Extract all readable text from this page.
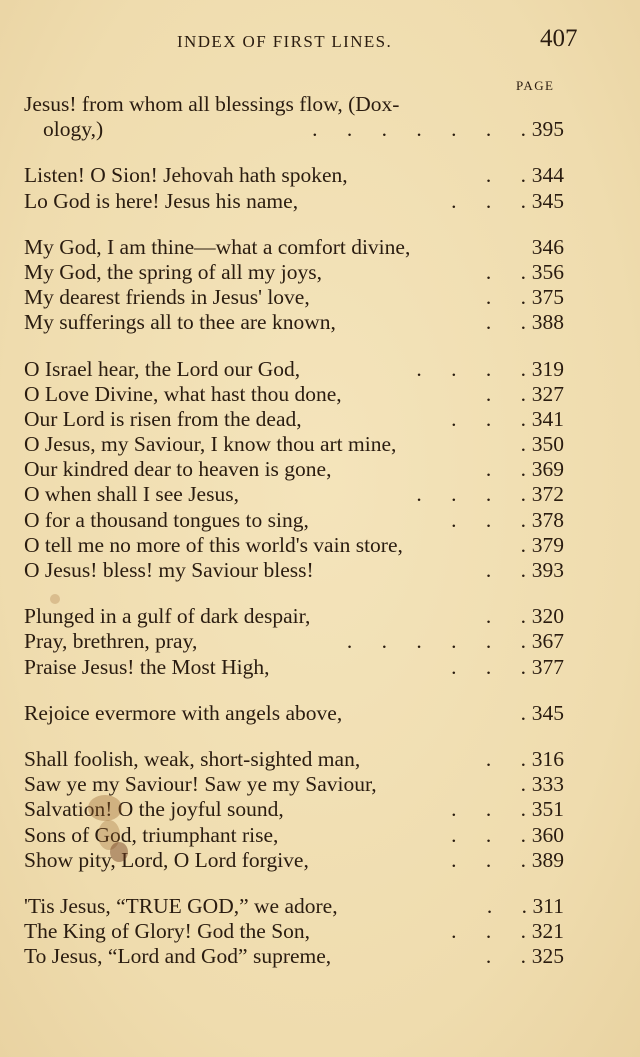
INDEX OF FIRST LINES.	407
PAGE
Jesus! from whom all blessings flow, (Dox-
ology,)	. . . . . . . 395
Listen! O Sion! Jehovah hath spoken,	. . 344
Lo God is here! Jesus his name,	. . . 345
My God, I am thine—what a comfort divine,	346
My God, the spring of all my joys,	. . 356
My dearest friends in Jesus' love,	. . 375
My sufferings all to thee are known,	. . 388
O Israel hear, the Lord our God,	. . . . 319
O Love Divine, what hast thou done,	. . 327
Our Lord is risen from the dead,	. . . 341
O Jesus, my Saviour, I know thou art mine,	. 350
Our kindred dear to heaven is gone,	. . 369
O when shall I see Jesus,	. . . . 372
O for a thousand tongues to sing,	. . . 378
O tell me no more of this world's vain store,	. 379
O Jesus! bless! my Saviour bless!	. . 393
Plunged in a gulf of dark despair,	. . 320
Pray, brethren, pray,	. . . . . . 367
Praise Jesus! the Most High,	. . . 377
Rejoice evermore with angels above,	. 345
Shall foolish, weak, short-sighted man,	. . 316
Saw ye my Saviour! Saw ye my Saviour,	. 333
Salvation! O the joyful sound,	. . . 351
Sons of God, triumphant rise,	. . . 360
Show pity, Lord, O Lord forgive,	. . . 389
'Tis Jesus, “TRUE GOD,” we adore,	. . 311
The King of Glory! God the Son,	. . . 321
To Jesus, “Lord and God” supreme,	. . 325
